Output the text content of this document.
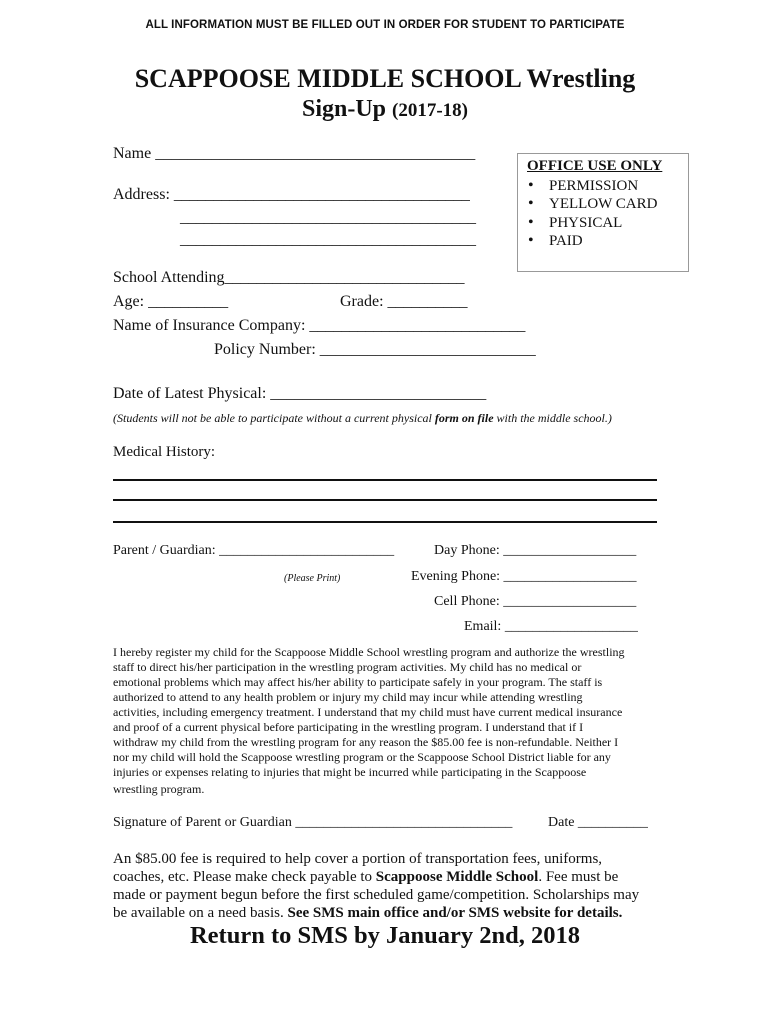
ALL INFORMATION MUST BE FILLED OUT IN ORDER FOR STUDENT TO PARTICIPATE
SCAPPOOSE MIDDLE SCHOOL Wrestling
Sign-Up (2017-18)
Name ________________________________________
Address: _____________________________________
_____________________________________
_____________________________________
OFFICE USE ONLY
• PERMISSION
• YELLOW CARD
• PHYSICAL
• PAID
School Attending______________________________
Age: __________	Grade: __________
Name of Insurance Company: ___________________________
Policy Number: ___________________________
Date of Latest Physical: ___________________________
(Students will not be able to participate without a current physical form on file with the middle school.)
Medical History:
Parent / Guardian: _________________________	Day Phone: ___________________
(Please Print)	Evening Phone: ___________________
Cell Phone: ___________________
Email: ___________________

I hereby register my child for the Scappoose Middle School wrestling program and authorize the wrestling

staff to direct his/her participation in the wrestling program activities. My child has no medical or

emotional problems which may affect his/her ability to participate safely in your program. The staff is

authorized to attend to any health problem or injury my child may incur while attending wrestling

activities, including emergency treatment. I understand that my child must have current medical insurance

and proof of a current physical before participating in the wrestling program. I understand that if I

withdraw my child from the wrestling program for any reason the $85.00 fee is non-refundable. Neither I

nor my child will hold the Scappoose wrestling program or the Scappoose School District liable for any

injuries or expenses relating to injuries that might be incurred while participating in the Scappoose

wrestling program.

Signature of Parent or Guardian _______________________________	Date __________

An $85.00 fee is required to help cover a portion of transportation fees, uniforms,

coaches, etc. Please make check payable to Scappoose Middle School. Fee must be

made or payment begun before the first scheduled game/competition. Scholarships may

be available on a need basis. See SMS main office and/or SMS website for details.

Return to SMS by January 2nd, 2018
